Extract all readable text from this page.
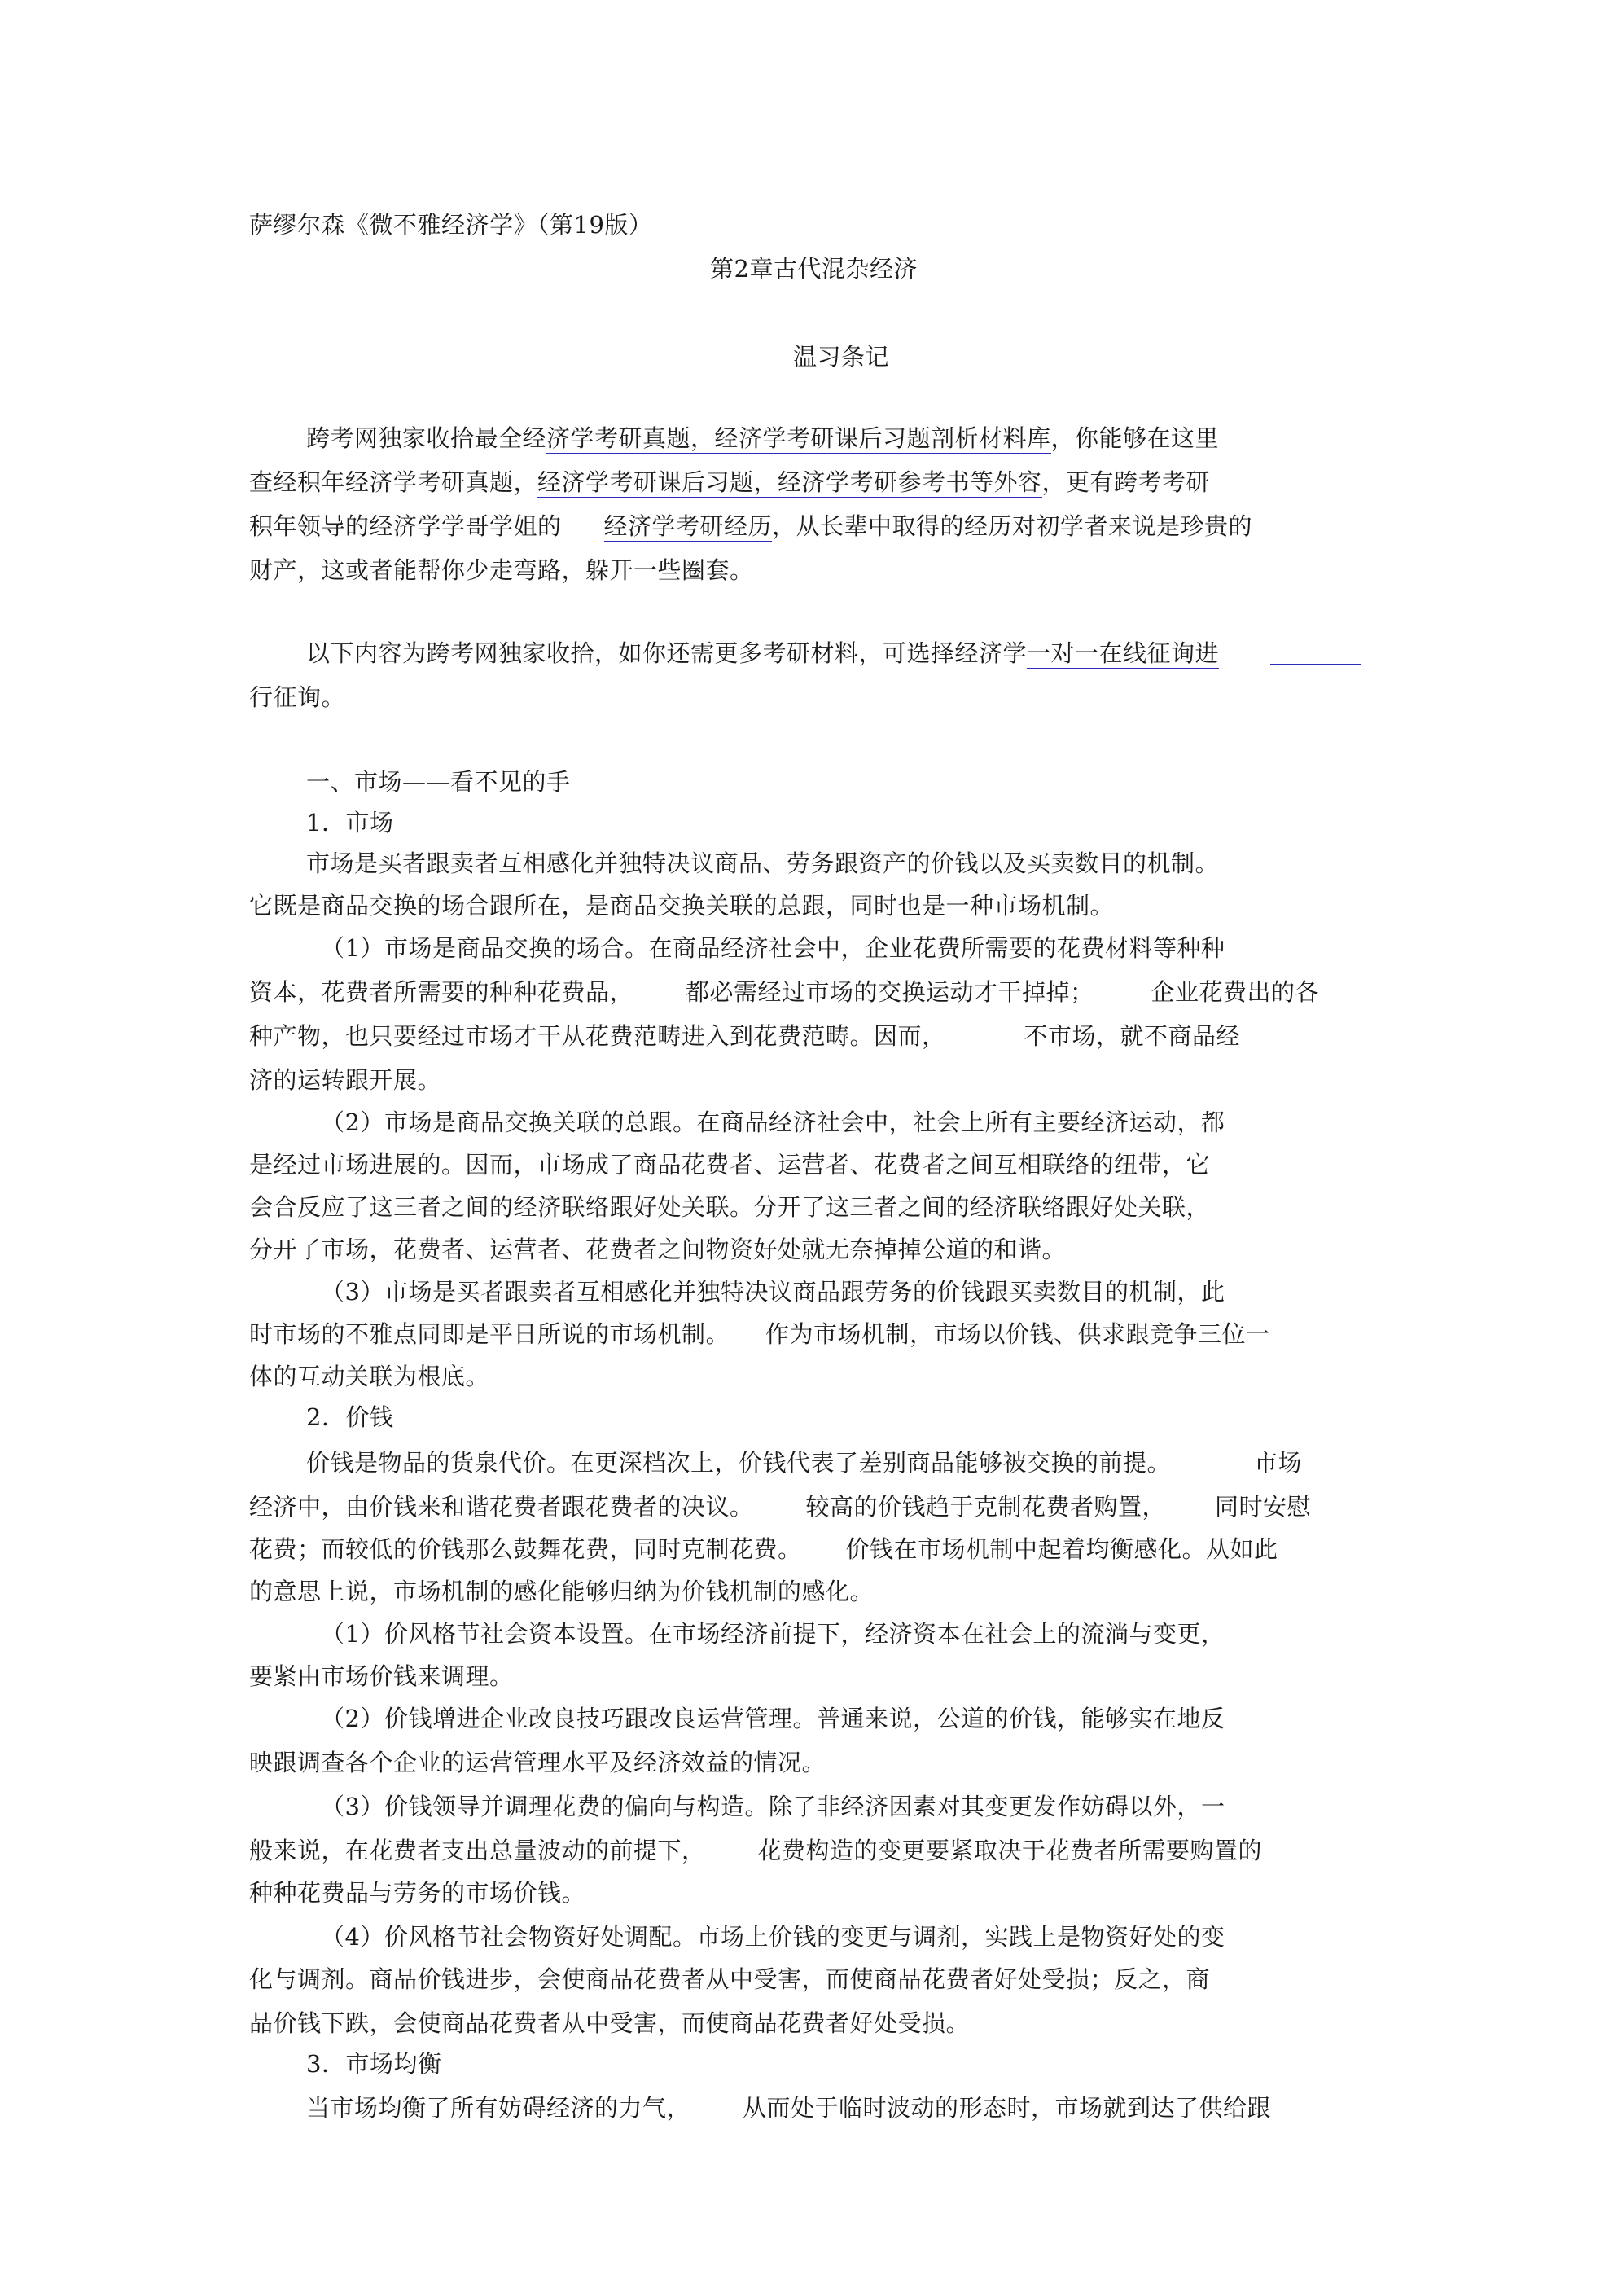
萨缪尔森《微不雅经济学》（第19版）
第2章古代混杂经济
温习条记
跨考网独家收拾最全经济学考研真题，经济学考研课后习题剖析材料库，你能够在这里
查经积年经济学考研真题，经济学考研课后习题，经济学考研参考书等外容，更有跨考考研
积年领导的经济学学哥学姐的 经济学考研经历，从长辈中取得的经历对初学者来说是珍贵的
财产，这或者能帮你少走弯路，躲开一些圈套。
以下内容为跨考网独家收拾，如你还需更多考研材料，可选择经济学一对一在线征询进
行征询。
一、市场——看不见的手
1．市场
市场是买者跟卖者互相感化并独特决议商品、劳务跟资产的价钱以及买卖数目的机制。
它既是商品交换的场合跟所在，是商品交换关联的总跟，同时也是一种市场机制。
（1）市场是商品交换的场合。在商品经济社会中，企业花费所需要的花费材料等种种
资本，花费者所需要的种种花费品， 都必需经过市场的交换运动才干掉掉； 企业花费出的各
种产物，也只要经过市场才干从花费范畴进入到花费范畴。因而，	不市场，就不商品经
济的运转跟开展。
（2）市场是商品交换关联的总跟。在商品经济社会中，社会上所有主要经济运动，都
是经过市场进展的。因而，市场成了商品花费者、运营者、花费者之间互相联络的纽带，它
会合反应了这三者之间的经济联络跟好处关联。分开了这三者之间的经济联络跟好处关联，
分开了市场，花费者、运营者、花费者之间物资好处就无奈掉掉公道的和谐。
（3）市场是买者跟卖者互相感化并独特决议商品跟劳务的价钱跟买卖数目的机制，此
时市场的不雅点同即是平日所说的市场机制。 作为市场机制，市场以价钱、供求跟竞争三位一
体的互动关联为根底。
2．价钱
价钱是物品的货泉代价。在更深档次上，价钱代表了差别商品能够被交换的前提。	市场
经济中，由价钱来和谐花费者跟花费者的决议。 较高的价钱趋于克制花费者购置， 同时安慰
花费；而较低的价钱那么鼓舞花费，同时克制花费。 价钱在市场机制中起着均衡感化。从如此
的意思上说，市场机制的感化能够归纳为价钱机制的感化。
（1）价风格节社会资本设置。在市场经济前提下，经济资本在社会上的流淌与变更，
要紧由市场价钱来调理。
（2）价钱增进企业改良技巧跟改良运营管理。普通来说，公道的价钱，能够实在地反
映跟调查各个企业的运营管理水平及经济效益的情况。
（3）价钱领导并调理花费的偏向与构造。除了非经济因素对其变更发作妨碍以外，一
般来说，在花费者支出总量波动的前提下， 花费构造的变更要紧取决于花费者所需要购置的
种种花费品与劳务的市场价钱。
（4）价风格节社会物资好处调配。市场上价钱的变更与调剂，实践上是物资好处的变
化与调剂。商品价钱进步，会使商品花费者从中受害，而使商品花费者好处受损；反之，商
品价钱下跌，会使商品花费者从中受害，而使商品花费者好处受损。
3．市场均衡
当市场均衡了所有妨碍经济的力气， 从而处于临时波动的形态时，市场就到达了供给跟
